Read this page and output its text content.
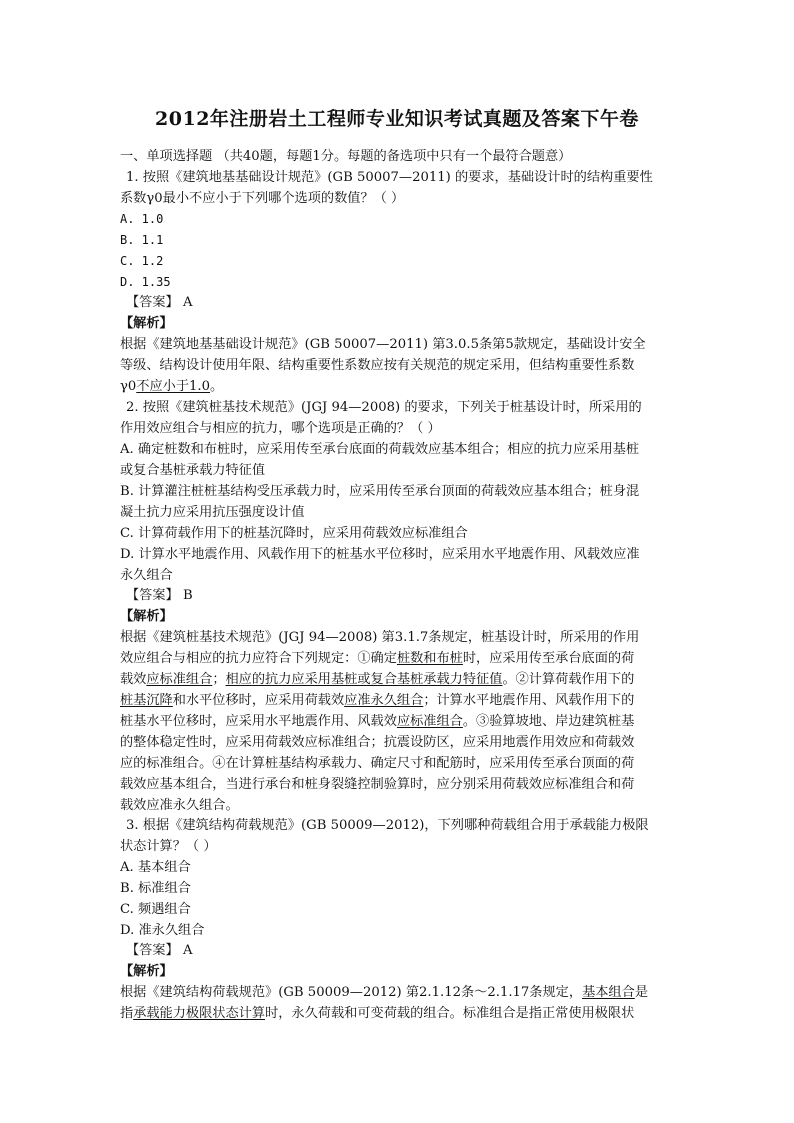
2012年注册岩土工程师专业知识考试真题及答案下午卷
一、单项选择题 （共40题，每题1分。每题的备选项中只有一个最符合题意）
1. 按照《建筑地基基础设计规范》(GB 50007—2011) 的要求，基础设计时的结构重要性
系数γ0最小不应小于下列哪个选项的数值？（ ）
A. 1.0
B. 1.1
C. 1.2
D. 1.35
【答案】 A
【解析】
根据《建筑地基基础设计规范》(GB 50007—2011) 第3.0.5条第5款规定，基础设计安全
等级、结构设计使用年限、结构重要性系数应按有关规范的规定采用，但结构重要性系数
γ0不应小于1.0。
2. 按照《建筑桩基技术规范》(JGJ 94—2008) 的要求，下列关于桩基设计时，所采用的
作用效应组合与相应的抗力，哪个选项是正确的？（ ）
A. 确定桩数和布桩时，应采用传至承台底面的荷载效应基本组合；相应的抗力应采用基桩
或复合基桩承载力特征值
B. 计算灌注桩桩基结构受压承载力时，应采用传至承台顶面的荷载效应基本组合；桩身混
凝土抗力应采用抗压强度设计值
C. 计算荷载作用下的桩基沉降时，应采用荷载效应标准组合
D. 计算水平地震作用、风载作用下的桩基水平位移时，应采用水平地震作用、风载效应准
永久组合
【答案】 B
【解析】
根据《建筑桩基技术规范》(JGJ 94—2008) 第3.1.7条规定，桩基设计时，所采用的作用
效应组合与相应的抗力应符合下列规定：①确定桩数和布桩时，应采用传至承台底面的荷
载效应标准组合；相应的抗力应采用基桩或复合基桩承载力特征值。②计算荷载作用下的
桩基沉降和水平位移时，应采用荷载效应准永久组合；计算水平地震作用、风载作用下的
桩基水平位移时，应采用水平地震作用、风载效应标准组合。③验算坡地、岸边建筑桩基
的整体稳定性时，应采用荷载效应标准组合；抗震设防区，应采用地震作用效应和荷载效
应的标准组合。④在计算桩基结构承载力、确定尺寸和配筋时，应采用传至承台顶面的荷
载效应基本组合，当进行承台和桩身裂缝控制验算时，应分别采用荷载效应标准组合和荷
载效应准永久组合。
3. 根据《建筑结构荷载规范》(GB 50009—2012)，下列哪种荷载组合用于承载能力极限
状态计算？（ ）
A. 基本组合
B. 标准组合
C. 频遇组合
D. 准永久组合
【答案】 A
【解析】
根据《建筑结构荷载规范》(GB 50009—2012) 第2.1.12条～2.1.17条规定，基本组合是
指承载能力极限状态计算时，永久荷载和可变荷载的组合。标准组合是指正常使用极限状
